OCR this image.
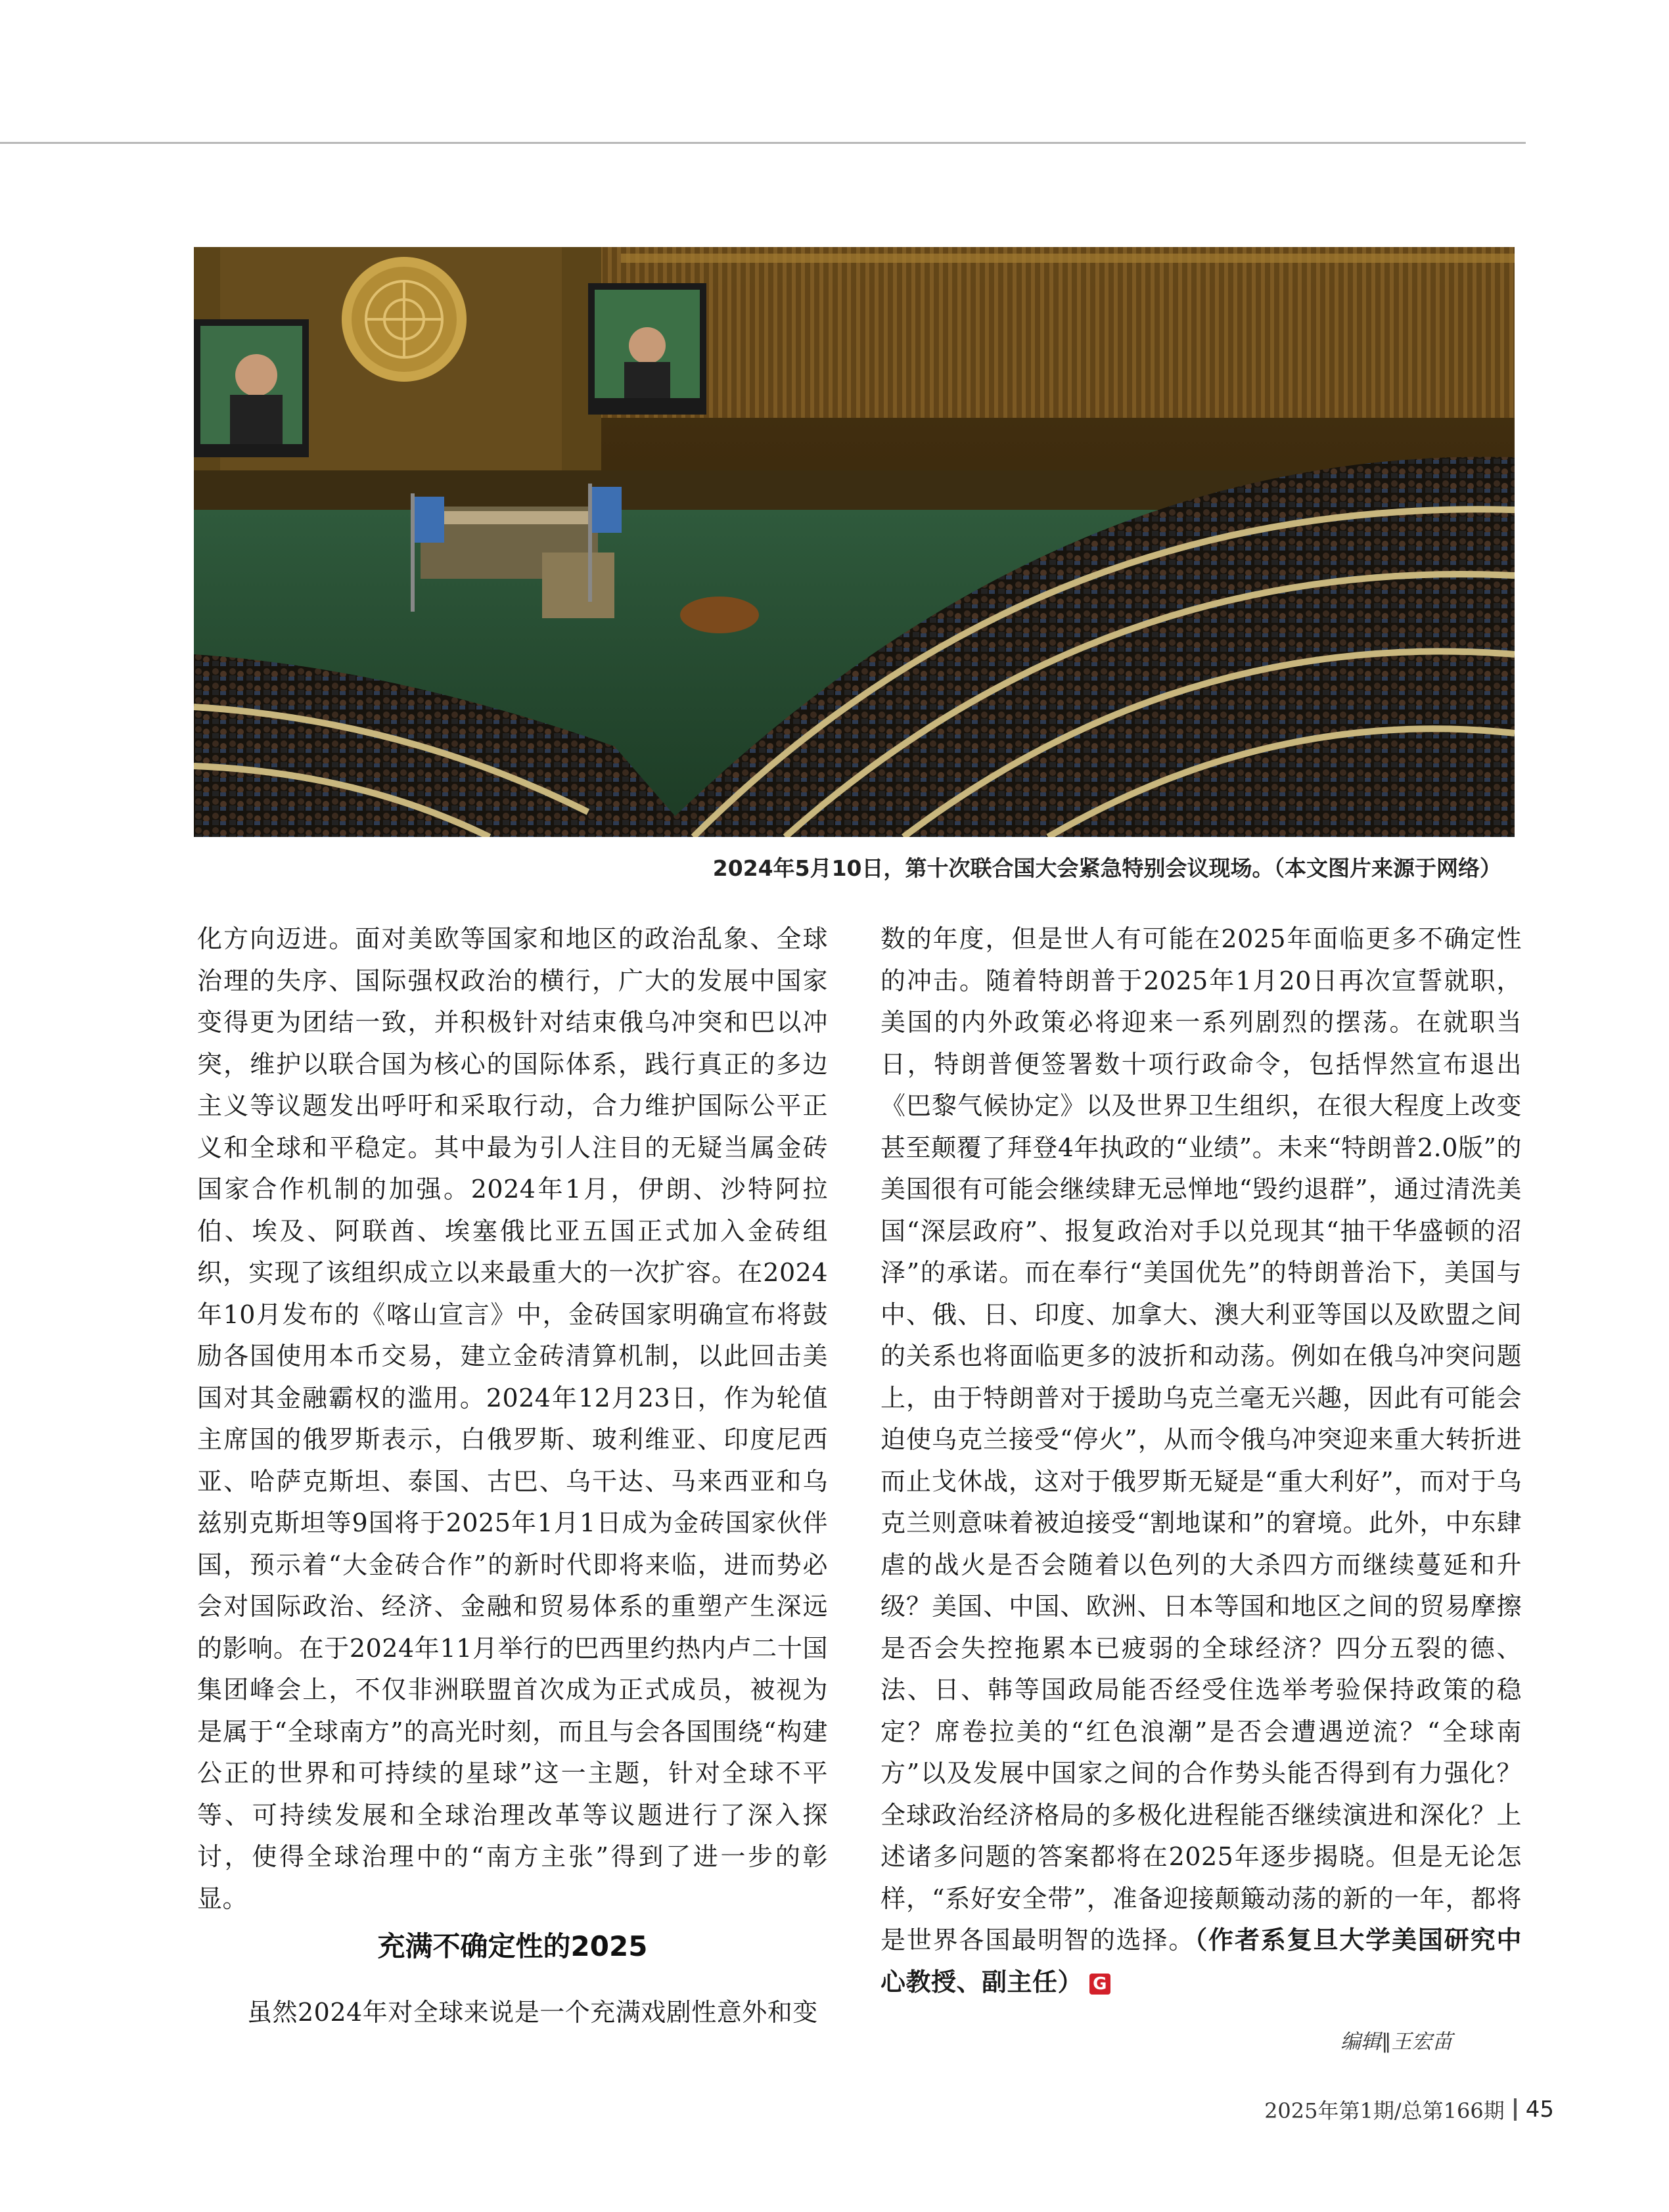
2024年5月10日，第十次联合国大会紧急特别会议现场。（本文图片来源于网络）

化方向迈进。面对美欧等国家和地区的政治乱象、全球治理的失序、国际强权政治的横行，广大的发展中国家变得更为团结一致，并积极针对结束俄乌冲突和巴以冲突，维护以联合国为核心的国际体系，践行真正的多边主义等议题发出呼吁和采取行动，合力维护国际公平正义和全球和平稳定。其中最为引人注目的无疑当属金砖国家合作机制的加强。2024年1月，伊朗、沙特阿拉伯、埃及、阿联酋、埃塞俄比亚五国正式加入金砖组织，实现了该组织成立以来最重大的一次扩容。在2024年10月发布的《喀山宣言》中，金砖国家明确宣布将鼓励各国使用本币交易，建立金砖清算机制，以此回击美国对其金融霸权的滥用。2024年12月23日，作为轮值主席国的俄罗斯表示，白俄罗斯、玻利维亚、印度尼西亚、哈萨克斯坦、泰国、古巴、乌干达、马来西亚和乌兹别克斯坦等9国将于2025年1月1日成为金砖国家伙伴国，预示着“大金砖合作”的新时代即将来临，进而势必会对国际政治、经济、金融和贸易体系的重塑产生深远的影响。在于2024年11月举行的巴西里约热内卢二十国集团峰会上，不仅非洲联盟首次成为正式成员，被视为是属于“全球南方”的高光时刻，而且与会各国围绕“构建公正的世界和可持续的星球”这一主题，针对全球不平等、可持续发展和全球治理改革等议题进行了深入探讨，使得全球治理中的“南方主张”得到了进一步的彰显。

充满不确定性的2025

虽然2024年对全球来说是一个充满戏剧性意外和变

数的年度，但是世人有可能在2025年面临更多不确定性的冲击。随着特朗普于2025年1月20日再次宣誓就职，美国的内外政策必将迎来一系列剧烈的摆荡。在就职当日，特朗普便签署数十项行政命令，包括悍然宣布退出《巴黎气候协定》以及世界卫生组织，在很大程度上改变甚至颠覆了拜登4年执政的“业绩”。未来“特朗普2.0版”的美国很有可能会继续肆无忌惮地“毁约退群”，通过清洗美国“深层政府”、报复政治对手以兑现其“抽干华盛顿的沼泽”的承诺。而在奉行“美国优先”的特朗普治下，美国与中、俄、日、印度、加拿大、澳大利亚等国以及欧盟之间的关系也将面临更多的波折和动荡。例如在俄乌冲突问题上，由于特朗普对于援助乌克兰毫无兴趣，因此有可能会迫使乌克兰接受“停火”，从而令俄乌冲突迎来重大转折进而止戈休战，这对于俄罗斯无疑是“重大利好”，而对于乌克兰则意味着被迫接受“割地谋和”的窘境。此外，中东肆虐的战火是否会随着以色列的大杀四方而继续蔓延和升级？美国、中国、欧洲、日本等国和地区之间的贸易摩擦是否会失控拖累本已疲弱的全球经济？四分五裂的德、法、日、韩等国政局能否经受住选举考验保持政策的稳定？席卷拉美的“红色浪潮”是否会遭遇逆流？“全球南方”以及发展中国家之间的合作势头能否得到有力强化？全球政治经济格局的多极化进程能否继续演进和深化？上述诸多问题的答案都将在2025年逐步揭晓。但是无论怎样，“系好安全带”，准备迎接颠簸动荡的新的一年，都将是世界各国最明智的选择。（作者系复旦大学美国研究中心教授、副主任） G

编辑∥王宏苗
2025年第1期/总第166期 45
